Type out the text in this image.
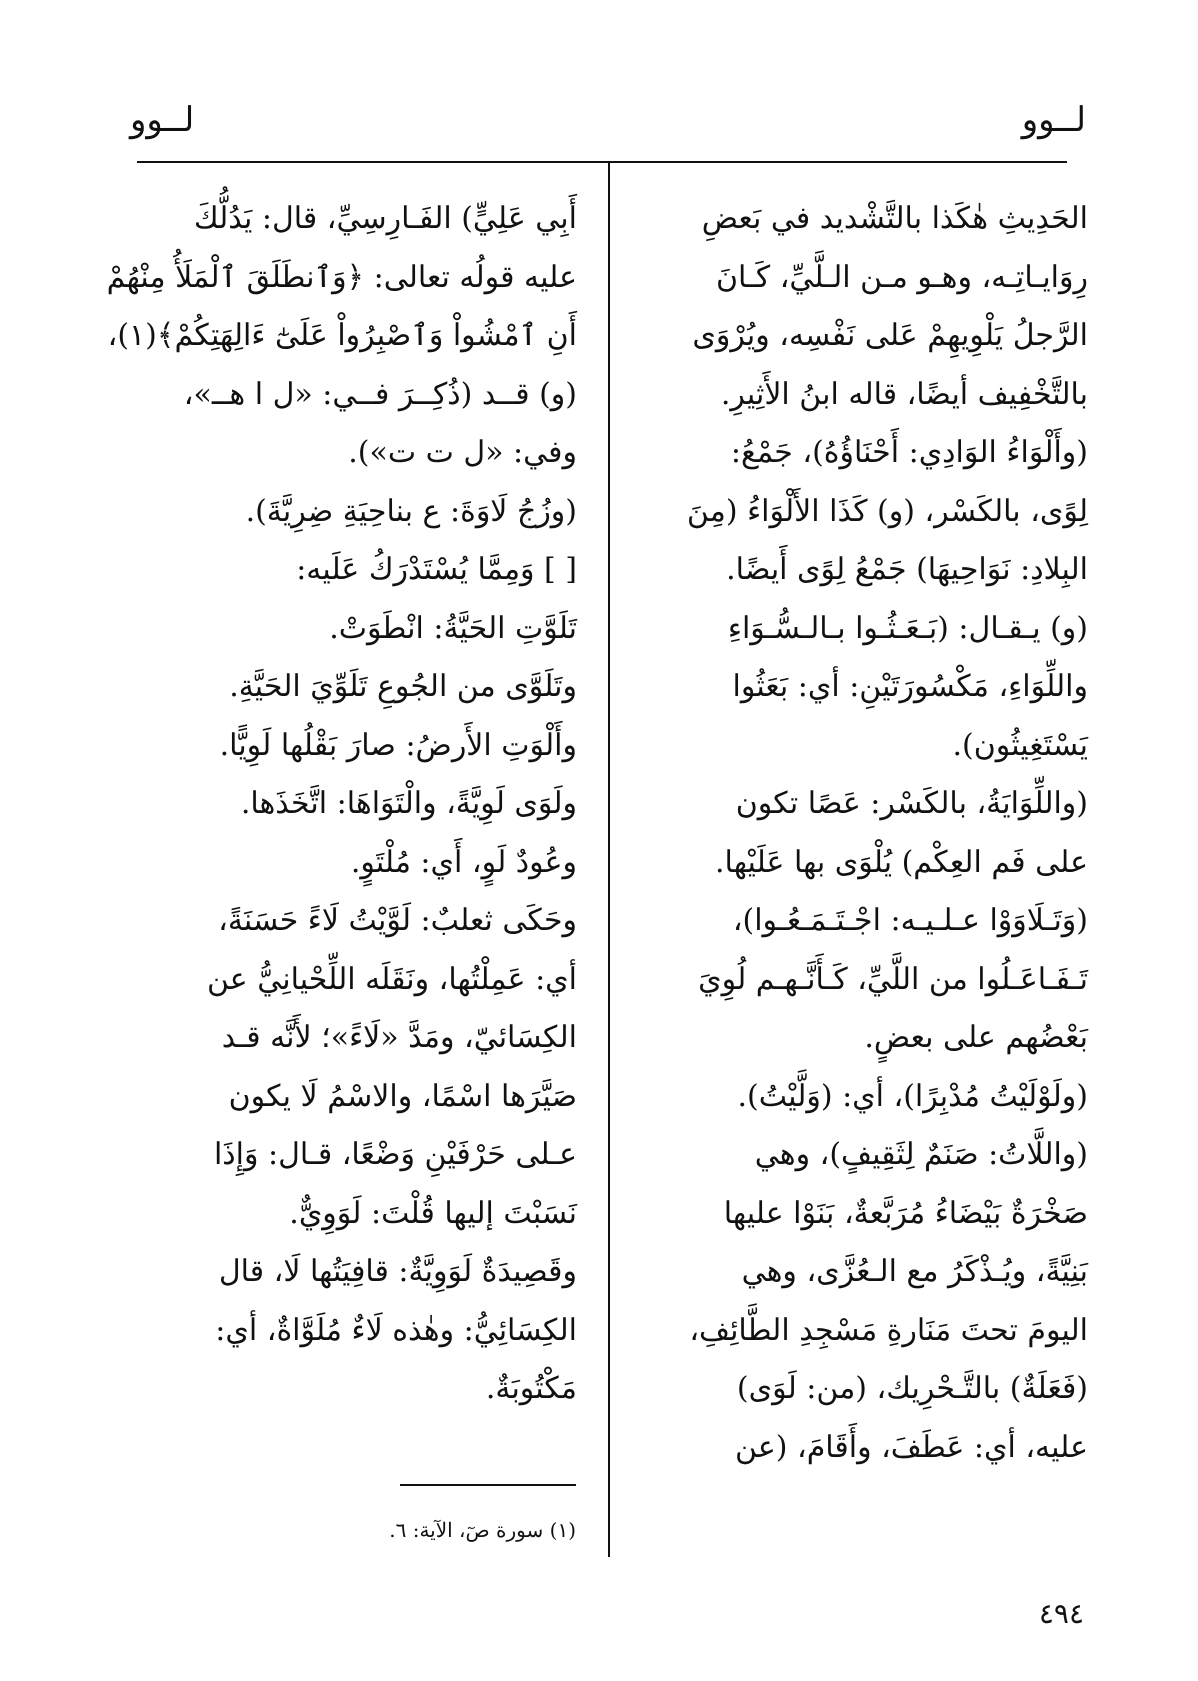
لــوو
لــوو
الحَدِيثِ هٰكَذا بالتَّشْديد في بَعضِ
رِوَايـاتِـه، وهـو مـن الـلَّيِّ، كَـانَ
الرَّجلُ يَلْوِيهِمْ عَلى نَفْسِه، ويُرْوَى
بالتَّخْفِيف أيضًا، قاله ابنُ الأَثِيرِ.
(وأَلْوَاءُ الوَادِي: أَحْنَاؤُهُ)، جَمْعُ:
لِوًى، بالكَسْر، (و) كَذَا الأَلْوَاءُ (مِنَ
البِلادِ: نَوَاحِيهَا) جَمْعُ لِوًى أَيضًا.
(و) يـقـال: (بَـعَـثُـوا بـالـسُّـوَاءِ
واللِّوَاءِ، مَكْسُورَتَيْنِ: أي: بَعَثُوا
يَسْتَغِيثُون).
(واللِّوَايَةُ، بالكَسْر: عَصًا تكون
على فَم العِكْم) يُلْوَى بها عَلَيْها.
(وَتَـلَاوَوْا عـلـيـه: اجْـتَـمَـعُـوا)،
تَـفَـاعَـلُوا من اللَّيِّ، كَـأَنَّـهـم لُوِيَ
بَعْضُهم على بعضٍ.
(ولَوْلَيْتُ مُدْبِرًا)، أي: (وَلَّيْتُ).
(واللَّاتُ: صَنَمٌ لِثَقِيفٍ)، وهي
صَخْرَةٌ بَيْضَاءُ مُرَبَّعةٌ، بَنَوْا عليها
بَنِيَّةً، ويُـذْكَرُ مع الـعُزَّى، وهي
اليومَ تحتَ مَنَارةِ مَسْجِدِ الطَّائِفِ،
(فَعَلَةٌ) بالتَّـحْرِيك، (من: لَوَى)
عليه، أي: عَطَفَ، وأَقَامَ، (عن
أَبِي عَلِيٍّ) الفَـارِسِيِّ، قال: يَدُلُّكَ
عليه قولُه تعالى: ﴿وَٱنطَلَقَ ٱلْمَلَأُ مِنْهُمْ
أَنِ ٱمْشُواْ وَٱصْبِرُواْ عَلَىٰٓ ءَالِهَتِكُمْ﴾(١)،
(و) قــد (ذُكِــرَ فــي: «ل ا هــ»،
وفي: «ل ت ت»).
(وزُجُ لَاوَةَ: ع بناحِيَةِ ضِرِيَّةَ).
[ ] وَمِمَّا يُسْتَدْرَكُ عَلَيه:
تَلَوَّتِ الحَيَّةُ: انْطَوَتْ.
وتَلَوَّى من الجُوعِ تَلَوِّيَ الحَيَّةِ.
وأَلْوَتِ الأَرضُ: صارَ بَقْلُها لَوِيًّا.
ولَوَى لَوِيَّةً، والْتَوَاهَا: اتَّخَذَها.
وعُودٌ لَوٍ، أَي: مُلْتَوٍ.
وحَكَى ثعلبٌ: لَوَّيْتُ لَاءً حَسَنَةً،
أي: عَمِلْتُها، ونَقَلَه اللِّحْيانِيُّ عن
الكِسَائيّ، ومَدَّ «لَاءً»؛ لأَنَّه قـد
صَيَّرَها اسْمًا، والاسْمُ لَا يكون
عـلى حَرْفَيْنِ وَضْعًا، قـال: وَإِذَا
نَسَبْتَ إليها قُلْتَ: لَوَوِيٌّ.
وقَصِيدَةٌ لَوَوِيَّةٌ: قافِيَتُها لَا، قال
الكِسَائِيُّ: وهٰذه لَاءٌ مُلَوَّاةٌ، أي:
مَكْتُوبَةٌ.
(١) سورة صٓ، الآية: ٦.
٤٩٤
